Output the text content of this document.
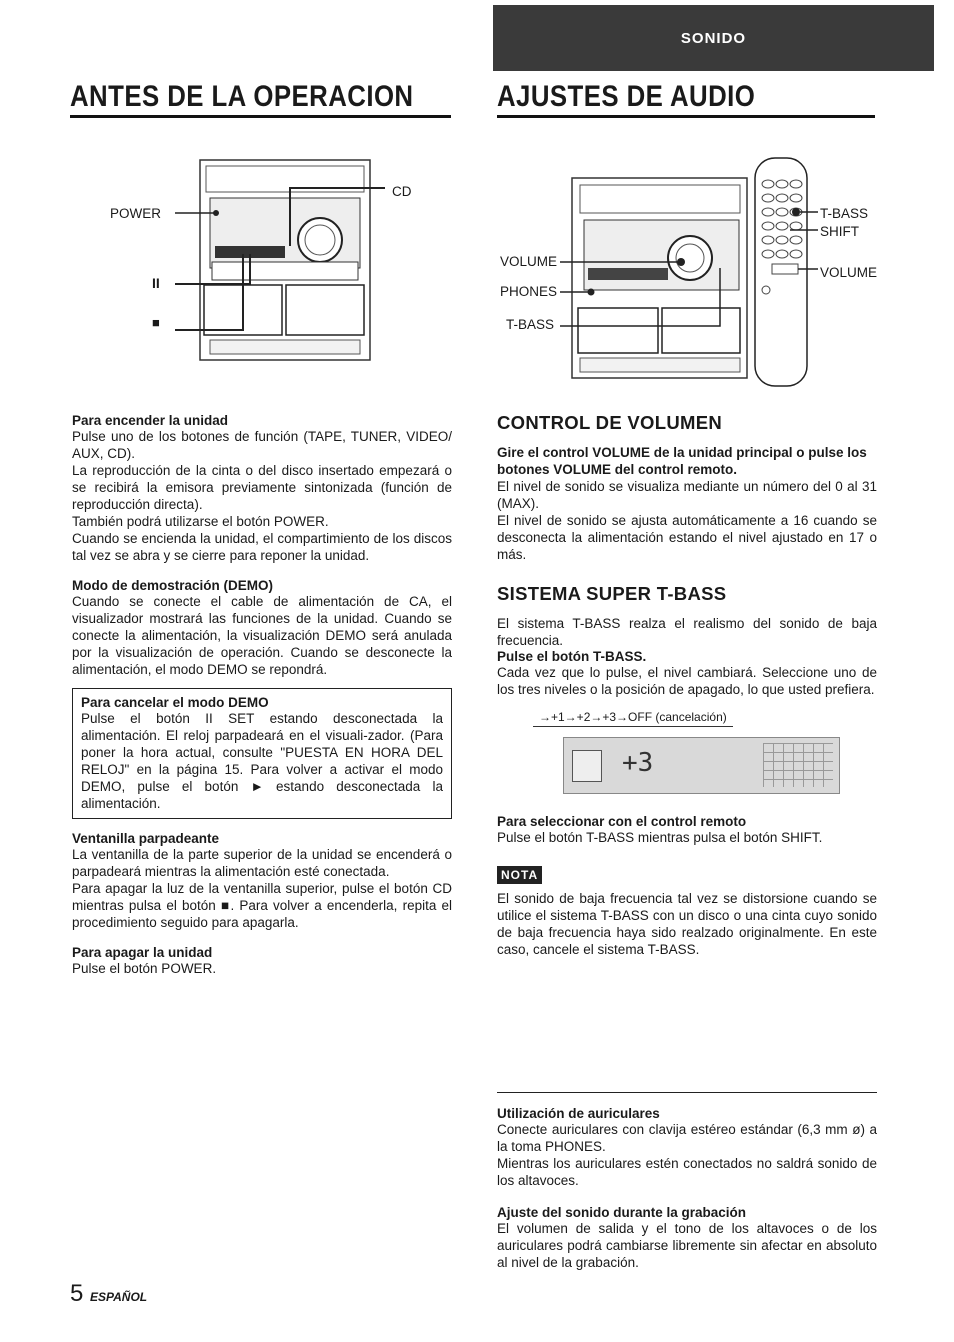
SONIDO
ANTES DE LA OPERACION	AJUSTES DE AUDIO
POWER
CD
II
■
VOLUME
PHONES
T-BASS
T-BASS
SHIFT
VOLUME
Para encender la unidad
Pulse uno de los botones de función (TAPE, TUNER, VIDEO/ AUX, CD).
La reproducción de la cinta o del disco insertado empezará o se recibirá la emisora previamente sintonizada (función de reproducción directa).
También podrá utilizarse el botón POWER.
Cuando se encienda la unidad, el compartimiento de los discos tal vez se abra y se cierre para reponer la unidad.
Modo de demostración (DEMO)
Cuando se conecte el cable de alimentación de CA, el visualizador mostrará las funciones de la unidad. Cuando se conecte la alimentación, la visualización DEMO será anulada por la visualización de operación. Cuando se desconecte la alimentación, el modo DEMO se repondrá.
Para cancelar el modo DEMO
Pulse el botón II SET estando desconectada la alimentación. El reloj parpadeará en el visuali-zador. (Para poner la hora actual, consulte "PUESTA EN HORA DEL RELOJ" en la página 15. Para volver a activar el modo DEMO, pulse el botón ► estando desconectada la alimentación.
Ventanilla parpadeante
La ventanilla de la parte superior de la unidad se encenderá o parpadeará mientras la alimentación esté conectada.
Para apagar la luz de la ventanilla superior, pulse el botón CD mientras pulsa el botón ■. Para volver a encenderla, repita el procedimiento seguido para apagarla.
Para apagar la unidad
Pulse el botón POWER.
CONTROL DE VOLUMEN
Gire el control VOLUME de la unidad principal o pulse los botones VOLUME del control remoto.
El nivel de sonido se visualiza mediante un número del 0 al 31 (MAX).
El nivel de sonido se ajusta automáticamente a 16 cuando se desconecta la alimentación estando el nivel ajustado en 17 o más.
SISTEMA SUPER T-BASS
El sistema T-BASS realza el realismo del sonido de baja frecuencia.
Pulse el botón T-BASS.
Cada vez que lo pulse, el nivel cambiará. Seleccione uno de los tres niveles o la posición de apagado, lo que usted prefiera.
→+1→+2→+3→OFF (cancelación)
+3
Para seleccionar con el control remoto
Pulse el botón T-BASS mientras pulsa el botón SHIFT.
NOTA
El sonido de baja frecuencia tal vez se distorsione cuando se utilice el sistema T-BASS con un disco o una cinta cuyo sonido de baja frecuencia haya sido realzado originalmente. En este caso, cancele el sistema T-BASS.
Utilización de auriculares
Conecte auriculares con clavija estéreo estándar (6,3 mm ø) a la toma PHONES.
Mientras los auriculares estén conectados no saldrá sonido de los altavoces.
Ajuste del sonido durante la grabación
El volumen de salida y el tono de los altavoces o de los auriculares podrá cambiarse libremente sin afectar en absoluto al nivel de la grabación.
5 ESPAÑOL
